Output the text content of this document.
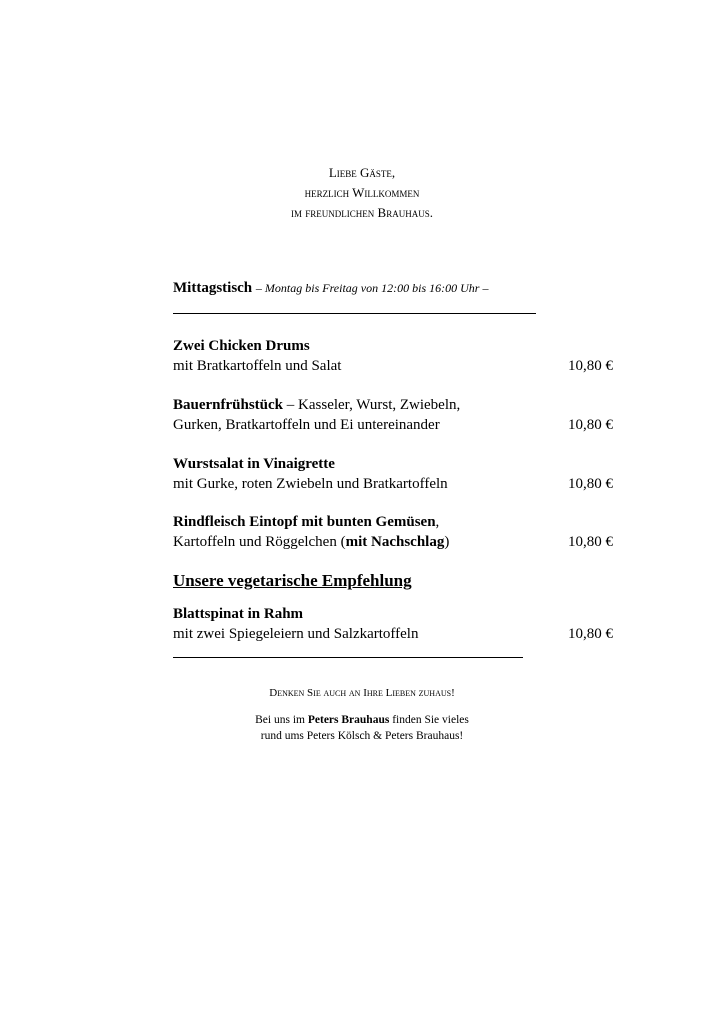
Liebe Gäste,
herzlich Willkommen
im freundlichen Brauhaus.
Mittagstisch – Montag bis Freitag von 12:00 bis 16:00 Uhr –
Zwei Chicken Drums
mit Bratkartoffeln und Salat	10,80 €
Bauernfrühstück – Kasseler, Wurst, Zwiebeln,
Gurken, Bratkartoffeln und Ei untereinander	10,80 €
Wurstsalat in Vinaigrette
mit Gurke, roten Zwiebeln und Bratkartoffeln	10,80 €
Rindfleisch Eintopf mit bunten Gemüsen,
Kartoffeln und Röggelchen (mit Nachschlag)	10,80 €
Unsere vegetarische Empfehlung
Blattspinat in Rahm
mit zwei Spiegeleiern und Salzkartoffeln	10,80 €
Denken Sie auch an Ihre Lieben zuhaus!
Bei uns im Peters Brauhaus finden Sie vieles
rund ums Peters Kölsch & Peters Brauhaus!
